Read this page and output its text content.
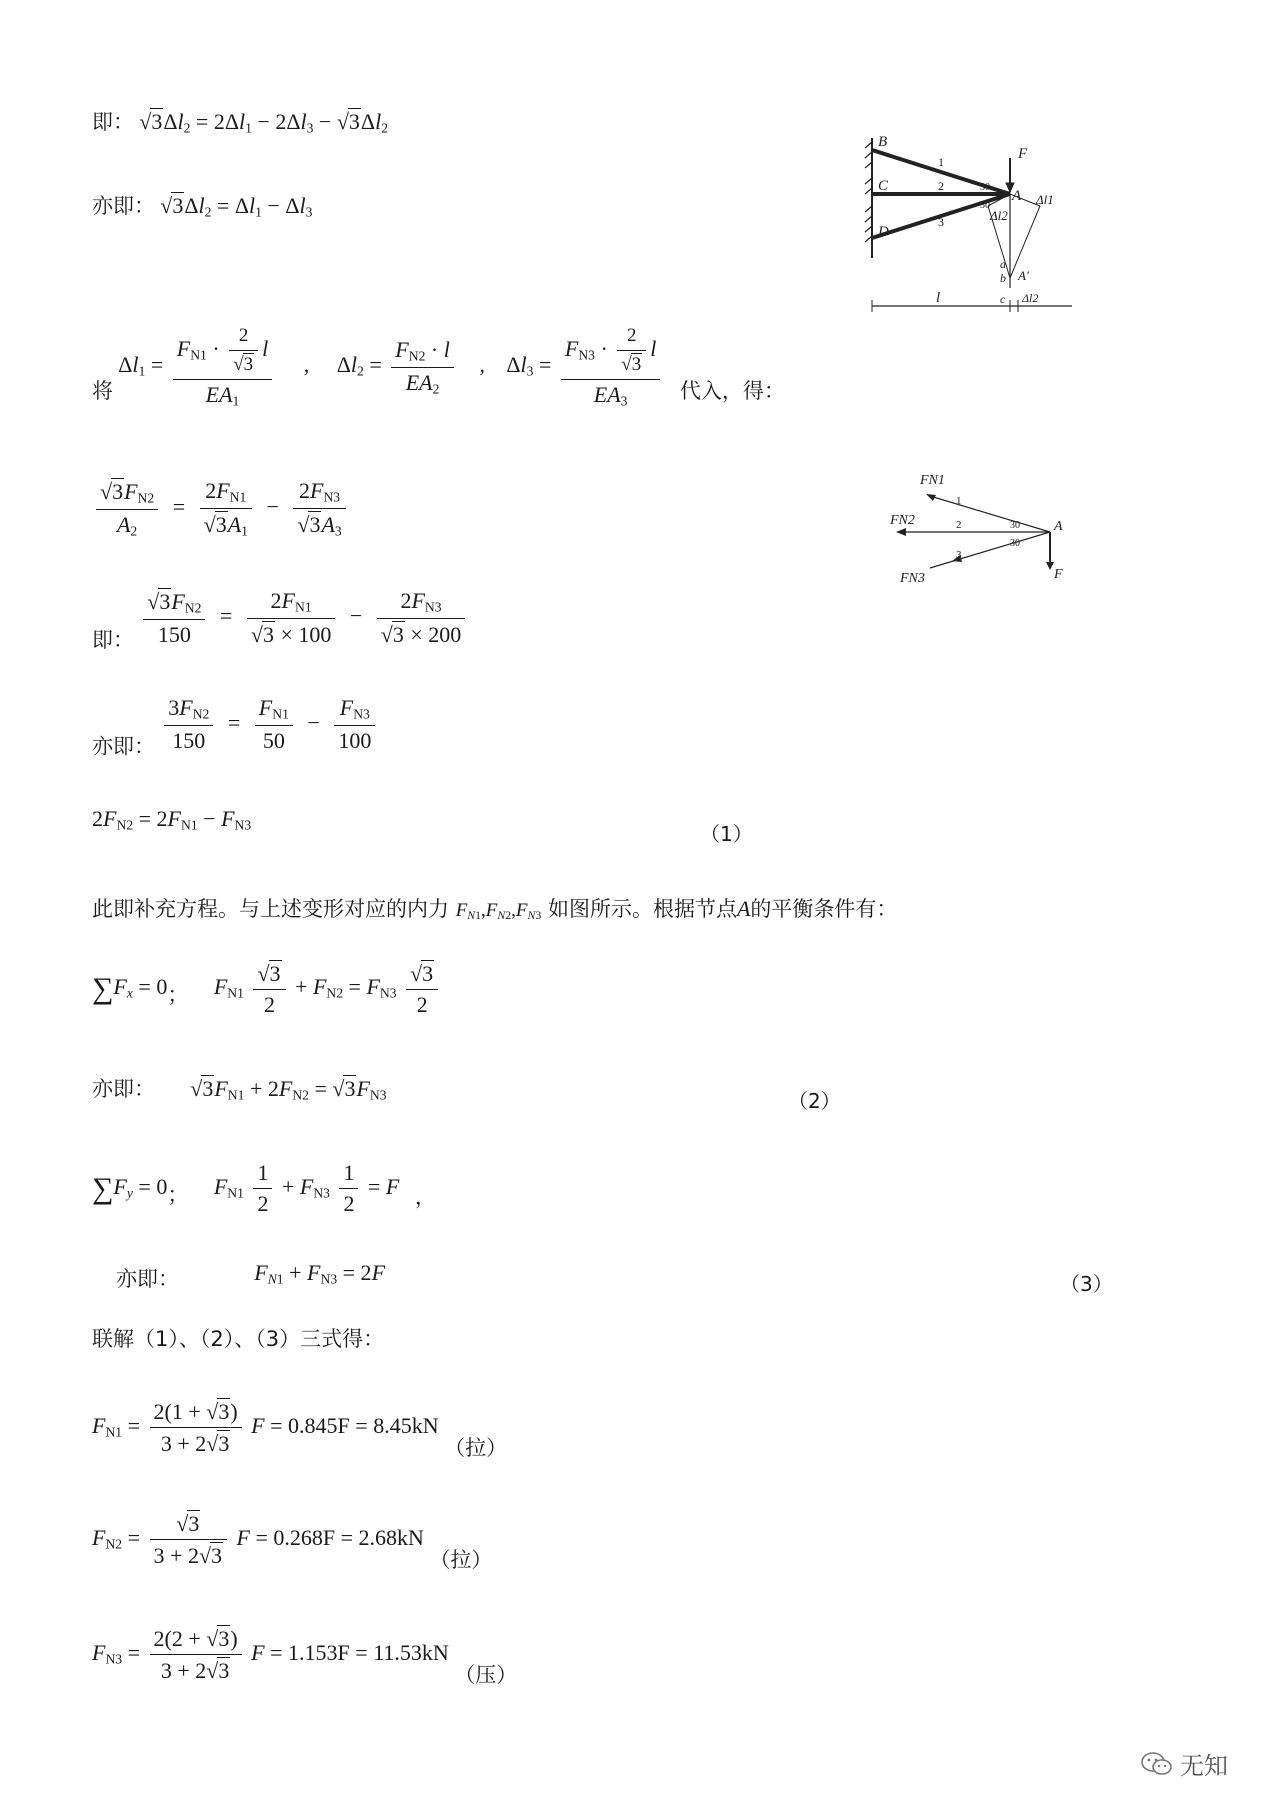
即： $√3\Delta l_2 = 2\Delta l_1 - 2\Delta l_3 - √3\Delta l_2$
亦即： $√3\Delta l_2 = \Delta l_1 - \Delta l_3$
B
C
D
A
F
1
2
3
30
30	Δl1
Δl2
a
b A'
c
l	Δl2
将 $\Delta l_1 = \frac{F_{N1} \cdot \frac{2}{√3} l}{EA_1}$ , $\Delta l_2 = \frac{F_{N2} \cdot l}{EA_2}$ , $\Delta l_3 = \frac{F_{N3} \cdot \frac{2}{√3} l}{EA_3}$ 代入，得：
$\frac{√3F_{N2}}{A_2} = \frac{2F_{N1}}{√3A_1} - \frac{2F_{N3}}{√3A_3}$	FN1
FN2
FN3
1
2
3
30
30
A
F
即： $\frac{√3F_{N2}}{150} = \frac{2F_{N1}}{√3 \times 100} - \frac{2F_{N3}}{√3 \times 200}$
亦即： $\frac{3F_{N2}}{150} = \frac{F_{N1}}{50} - \frac{F_{N3}}{100}$
$2F_{N2} = 2F_{N1} - F_{N3}$	（1）
此即补充方程。与上述变形对应的内力 $F_{N1},F_{N2},F_{N3}$ 如图所示。根据节点A的平衡条件有：
$\sum F_x = 0$； $F_{N1} \frac{√3}{2} + F_{N2} = F_{N3} \frac{√3}{2}$
亦即： $√3F_{N1} + 2F_{N2} = √3F_{N3}$	（2）
$\sum F_y = 0$； $F_{N1} \frac{1}{2} + F_{N3} \frac{1}{2} = F$ ，
亦即：	$F_{N1} + F_{N3} = 2F$	（3）
联解（1）、（2）、（3）三式得：
$F_{N1} = \frac{2(1 + √3)}{3 + 2√3}$ F = 0.845F = 8.45kN （拉）
$F_{N2} = \frac{√3}{3 + 2√3}$ F = 0.268F = 2.68kN （拉）
$F_{N3} = \frac{2(2 + √3)}{3 + 2√3}$ F = 1.153F = 11.53kN （压）
无知
